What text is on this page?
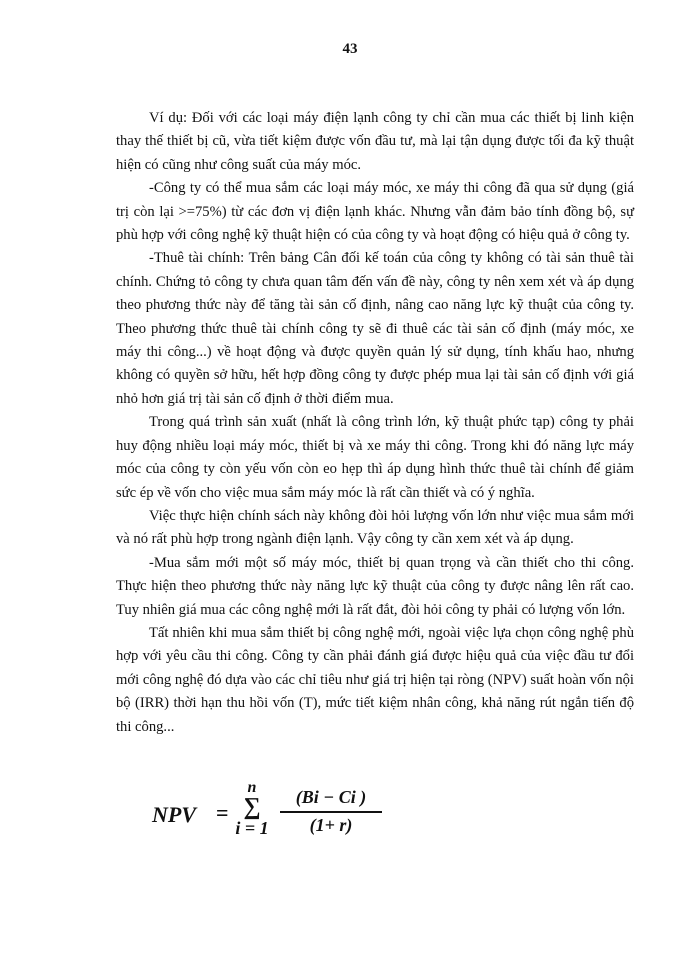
43

Ví dụ: Đối với các loại máy điện lạnh công ty chỉ cần mua các thiết bị linh kiện thay thế thiết bị cũ, vừa tiết kiệm được vốn đầu tư, mà lại tận dụng được tối đa kỹ thuật hiện có cũng như công suất của máy móc.

-Công ty có thể mua sắm các loại máy móc, xe máy thi công đã qua sử dụng (giá trị còn lại >=75%) từ các đơn vị điện lạnh khác. Nhưng vẫn đảm bảo tính đồng bộ, sự phù hợp với công nghệ kỹ thuật hiện có của công ty và hoạt động có hiệu quả ở công ty.

-Thuê tài chính: Trên bảng Cân đối kế toán của công ty không có tài sản thuê tài chính. Chứng tỏ công ty chưa quan tâm đến vấn đề này, công ty nên xem xét và áp dụng theo phương thức này để tăng tài sản cố định, nâng cao năng lực kỹ thuật của công ty. Theo phương thức thuê tài chính công ty sẽ đi thuê các tài sản cố định (máy móc, xe máy thi công...) về hoạt động và được quyền quản lý sử dụng, tính khấu hao, nhưng không có quyền sở hữu, hết hợp đồng công ty được phép mua lại tài sản cố định với giá nhỏ hơn giá trị tài sản cố định ở thời điểm mua.

Trong quá trình sản xuất (nhất là công trình lớn, kỹ thuật phức tạp) công ty phải huy động nhiều loại máy móc, thiết bị và xe máy thi công. Trong khi đó năng lực máy móc của công ty còn yếu vốn còn eo hẹp thì áp dụng hình thức thuê tài chính để giảm sức ép về vốn cho việc mua sắm máy móc là rất cần thiết và có ý nghĩa.

Việc thực hiện chính sách này không đòi hỏi lượng vốn lớn như việc mua sắm mới và nó rất phù hợp trong ngành điện lạnh. Vậy công ty cần xem xét và áp dụng.

-Mua sắm mới một số máy móc, thiết bị quan trọng và cần thiết cho thi công. Thực hiện theo phương thức này năng lực kỹ thuật của công ty được nâng lên rất cao. Tuy nhiên giá mua các công nghệ mới là rất đắt, đòi hỏi công ty phải có lượng vốn lớn.

Tất nhiên khi mua sắm thiết bị công nghệ mới, ngoài việc lựa chọn công nghệ phù hợp với yêu cầu thi công. Công ty cần phải đánh giá được hiệu quả của việc đầu tư đổi mới công nghệ đó dựa vào các chỉ tiêu như giá trị hiện tại ròng (NPV) suất hoàn vốn nội bộ (IRR) thời hạn thu hồi vốn (T), mức tiết kiệm nhân công, khả năng rút ngắn tiến độ thi công...

NPV =
n
∑
i = 1
(Bi − Ci )
(1+ r)
